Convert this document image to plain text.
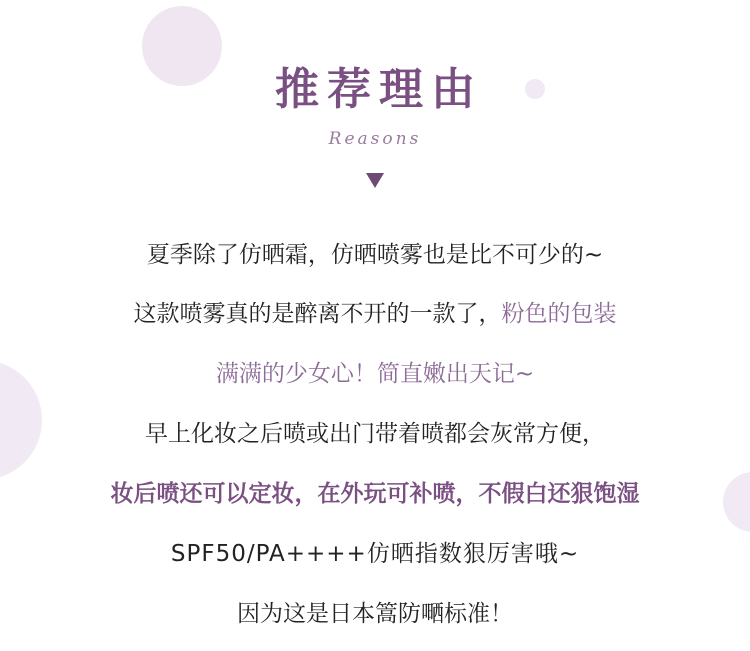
推荐理由
Reasons
夏季除了仿晒霜，仿晒喷雾也是比不可少的~
这款喷雾真的是醉离不开的一款了，粉色的包装
满满的少女心！简直嫩出天记~
早上化妆之后喷或出门带着喷都会灰常方便，
妆后喷还可以定妆，在外玩可补喷，不假白还狠饱湿
SPF50/PA++++仿晒指数狠厉害哦~
因为这是日本篙防嗮标准！
